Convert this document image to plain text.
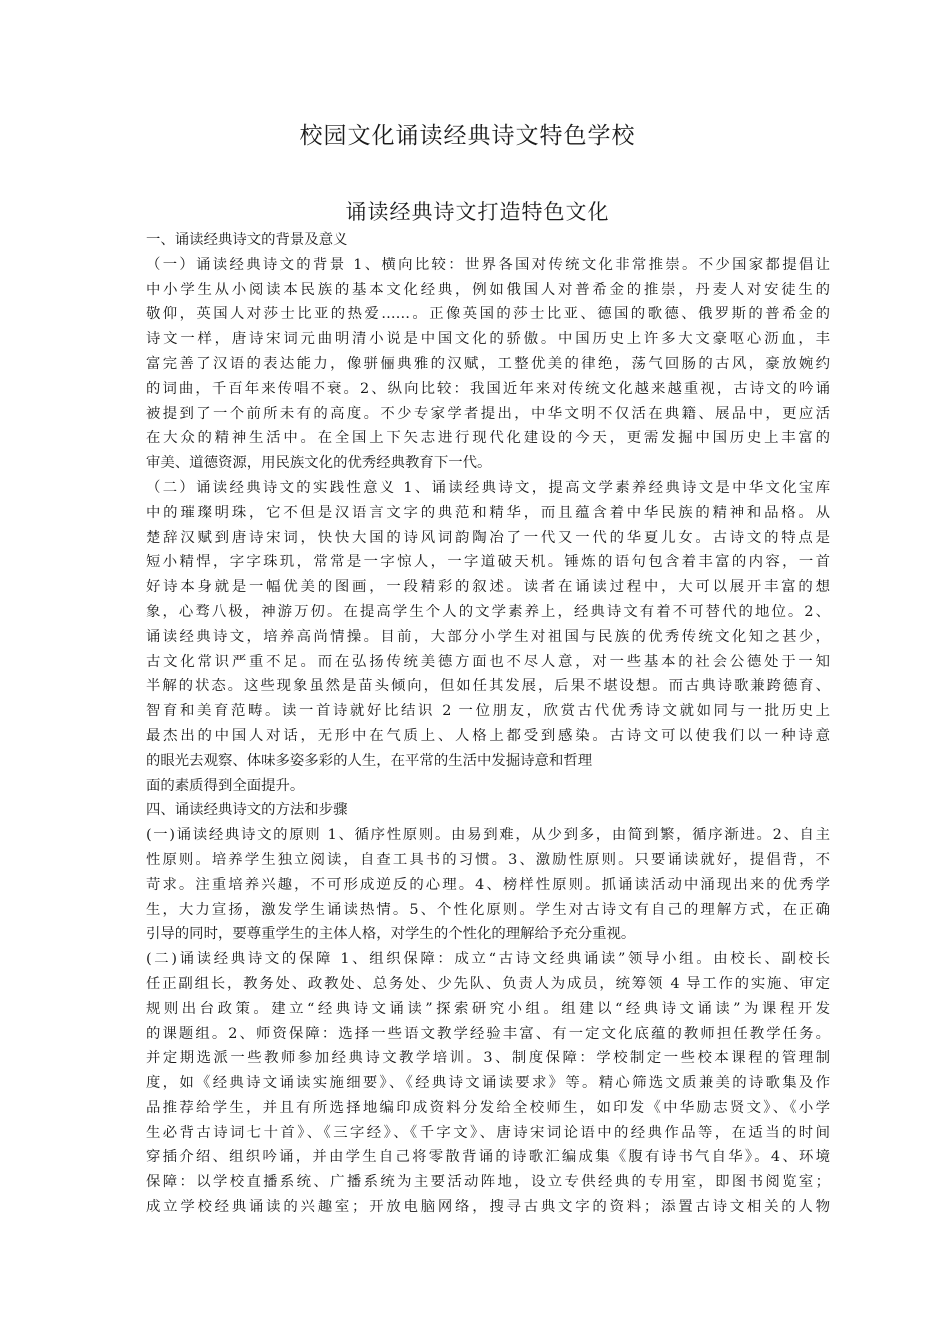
校园文化诵读经典诗文特色学校
诵读经典诗文打造特色文化
一、诵读经典诗文的背景及意义
（一）诵读经典诗文的背景 1、横向比较：世界各国对传统文化非常推崇。不少国家都提倡让
中小学生从小阅读本民族的基本文化经典，例如俄国人对普希金的推崇，丹麦人对安徒生的
敬仰，英国人对莎士比亚的热爱……。正像英国的莎士比亚、德国的歌德、俄罗斯的普希金的
诗文一样，唐诗宋词元曲明清小说是中国文化的骄傲。中国历史上许多大文豪呕心沥血，丰
富完善了汉语的表达能力，像骈俪典雅的汉赋，工整优美的律绝，荡气回肠的古风，豪放婉约
的词曲，千百年来传唱不衰。2、纵向比较：我国近年来对传统文化越来越重视，古诗文的吟诵
被提到了一个前所未有的高度。不少专家学者提出，中华文明不仅活在典籍、展品中，更应活
在大众的精神生活中。在全国上下矢志进行现代化建设的今天，更需发掘中国历史上丰富的
审美、道德资源，用民族文化的优秀经典教育下一代。
（二）诵读经典诗文的实践性意义 1、诵读经典诗文，提高文学素养经典诗文是中华文化宝库
中的璀璨明珠，它不但是汉语言文字的典范和精华，而且蕴含着中华民族的精神和品格。从
楚辞汉赋到唐诗宋词，快快大国的诗风词韵陶冶了一代又一代的华夏儿女。古诗文的特点是
短小精悍，字字珠玑，常常是一字惊人，一字道破天机。锤炼的语句包含着丰富的内容，一首
好诗本身就是一幅优美的图画，一段精彩的叙述。读者在诵读过程中，大可以展开丰富的想
象，心骛八极，神游万仞。在提高学生个人的文学素养上，经典诗文有着不可替代的地位。2、
诵读经典诗文，培养高尚情操。目前，大部分小学生对祖国与民族的优秀传统文化知之甚少，
古文化常识严重不足。而在弘扬传统美德方面也不尽人意，对一些基本的社会公德处于一知
半解的状态。这些现象虽然是苗头倾向，但如任其发展，后果不堪设想。而古典诗歌兼跨德育、
智育和美育范畴。读一首诗就好比结识 2 一位朋友，欣赏古代优秀诗文就如同与一批历史上
最杰出的中国人对话，无形中在气质上、人格上都受到感染。古诗文可以使我们以一种诗意
的眼光去观察、体味多姿多彩的人生，在平常的生活中发掘诗意和哲理
面的素质得到全面提升。
四、诵读经典诗文的方法和步骤
(一)诵读经典诗文的原则 1、循序性原则。由易到难，从少到多，由简到繁，循序渐进。2、自主
性原则。培养学生独立阅读，自查工具书的习惯。3、激励性原则。只要诵读就好，提倡背，不
苛求。注重培养兴趣，不可形成逆反的心理。4、榜样性原则。抓诵读活动中涌现出来的优秀学
生，大力宣扬，激发学生诵读热情。5、个性化原则。学生对古诗文有自己的理解方式，在正确
引导的同时，要尊重学生的主体人格，对学生的个性化的理解给予充分重视。
(二)诵读经典诗文的保障 1、组织保障：成立“古诗文经典诵读”领导小组。由校长、副校长
任正副组长，教务处、政教处、总务处、少先队、负责人为成员，统筹领 4 导工作的实施、审定
规则出台政策。建立“经典诗文诵读”探索研究小组。组建以“经典诗文诵读”为课程开发
的课题组。2、师资保障：选择一些语文教学经验丰富、有一定文化底蕴的教师担任教学任务。
并定期选派一些教师参加经典诗文教学培训。3、制度保障：学校制定一些校本课程的管理制
度，如《经典诗文诵读实施细要》、《经典诗文诵读要求》等。精心筛选文质兼美的诗歌集及作
品推荐给学生，并且有所选择地编印成资料分发给全校师生，如印发《中华励志贤文》、《小学
生必背古诗词七十首》、《三字经》、《千字文》、唐诗宋词论语中的经典作品等，在适当的时间
穿插介绍、组织吟诵，并由学生自己将零散背诵的诗歌汇编成集《腹有诗书气自华》。4、环境
保障：以学校直播系统、广播系统为主要活动阵地，设立专供经典的专用室，即图书阅览室；
成立学校经典诵读的兴趣室；开放电脑网络，搜寻古典文字的资料；添置古诗文相关的人物
